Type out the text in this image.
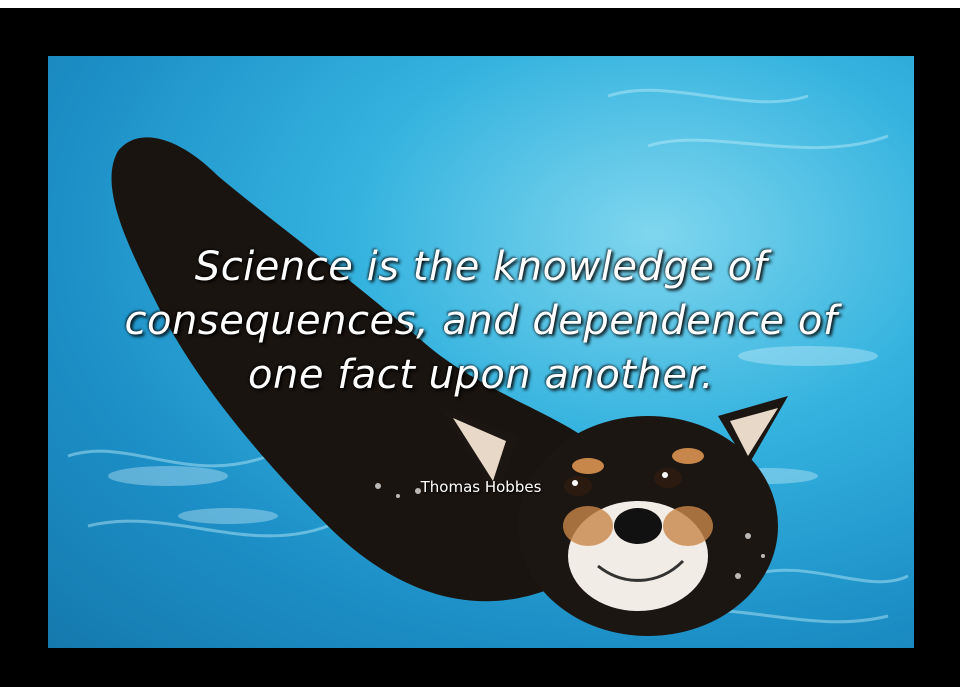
Science is the knowledge of
consequences, and dependence of
one fact upon another.
Thomas Hobbes
